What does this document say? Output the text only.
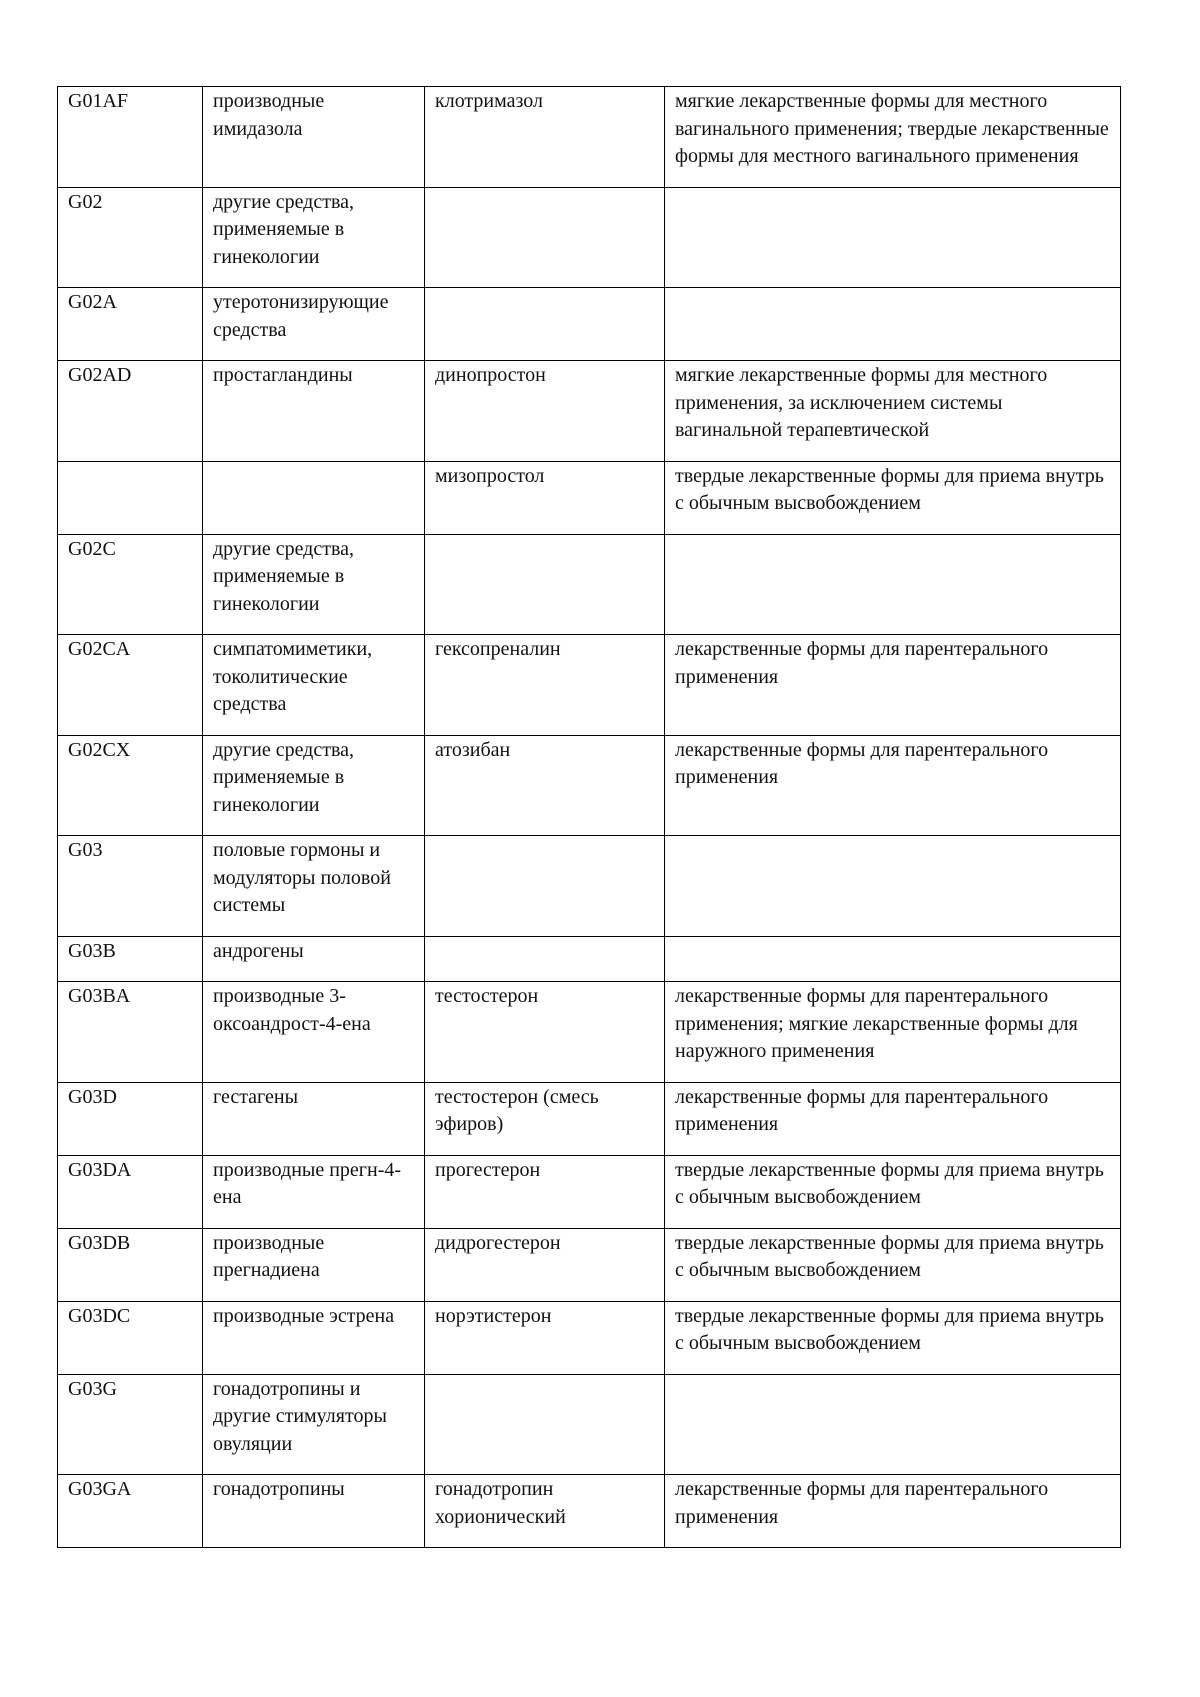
G01AF	производные имидазола	клотримазол	мягкие лекарственные формы для местного вагинального применения; твердые лекарственные формы для местного вагинального применения

G02	другие средства, применяемые в гинекологии		

G02A	утеротонизирующие средства		

G02AD	простагландины	динопростон	мягкие лекарственные формы для местного применения, за исключением системы вагинальной терапевтической

		мизопростол	твердые лекарственные формы для приема внутрь с обычным высвобождением

G02C	другие средства, применяемые в гинекологии		

G02CA	симпатомиметики, токолитические средства	гексопреналин	лекарственные формы для парентерального применения

G02CX	другие средства, применяемые в гинекологии	атозибан	лекарственные формы для парентерального применения

G03	половые гормоны и модуляторы половой системы		

G03B	андрогены		

G03BA	производные 3-оксоандрост-4-ена	тестостерон	лекарственные формы для парентерального применения; мягкие лекарственные формы для наружного применения

G03D	гестагены	тестостерон (смесь эфиров)	лекарственные формы для парентерального применения

G03DA	производные прегн-4-ена	прогестерон	твердые лекарственные формы для приема внутрь с обычным высвобождением

G03DB	производные прегнадиена	дидрогестерон	твердые лекарственные формы для приема внутрь с обычным высвобождением

G03DC	производные эстрена	норэтистерон	твердые лекарственные формы для приема внутрь с обычным высвобождением

G03G	гонадотропины и другие стимуляторы овуляции		

G03GA	гонадотропины	гонадотропин хорионический	лекарственные формы для парентерального применения
